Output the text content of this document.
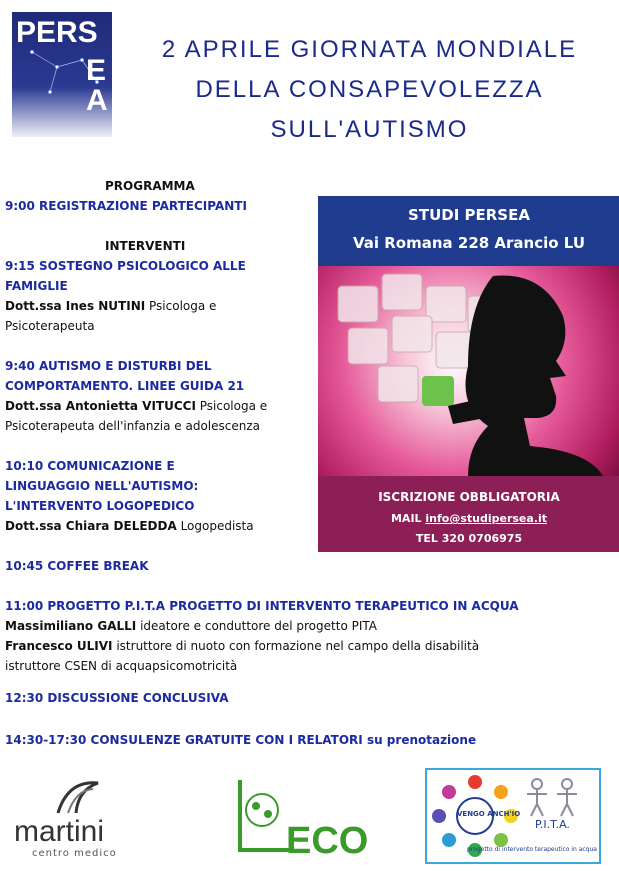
PERS
E
A
2 APRILE GIORNATA MONDIALE
DELLA CONSAPEVOLEZZA
SULL'AUTISMO
PROGRAMMA
9:00 REGISTRAZIONE PARTECIPANTI
INTERVENTI
9:15 SOSTEGNO PSICOLOGICO ALLE
FAMIGLIE
Dott.ssa Ines NUTINI Psicologa e
Psicoterapeuta
9:40 AUTISMO E DISTURBI DEL
COMPORTAMENTO. LINEE GUIDA 21
Dott.ssa Antonietta VITUCCI Psicologa e
Psicoterapeuta dell'infanzia e adolescenza
10:10 COMUNICAZIONE E
LINGUAGGIO NELL'AUTISMO:
L'INTERVENTO LOGOPEDICO
Dott.ssa Chiara DELEDDA Logopedista
10:45 COFFEE BREAK
11:00 PROGETTO P.I.T.A PROGETTO DI INTERVENTO TERAPEUTICO IN ACQUA
Massimiliano GALLI ideatore e conduttore del progetto PITA
Francesco ULIVI istruttore di nuoto con formazione nel campo della disabilità
istruttore CSEN di acquapsicomotricità
12:30 DISCUSSIONE CONCLUSIVA
14:30-17:30 CONSULENZE GRATUITE CON I RELATORI su prenotazione
STUDI PERSEA
Vai Romana 228 Arancio LU
ISCRIZIONE OBBLIGATORIA
MAIL info@studipersea.it
TEL 320 0706975
martini
centro medico	ECO
VENGO ANCH'IO
P.I.T.A.
progetto di intervento terapeutico in acqua
